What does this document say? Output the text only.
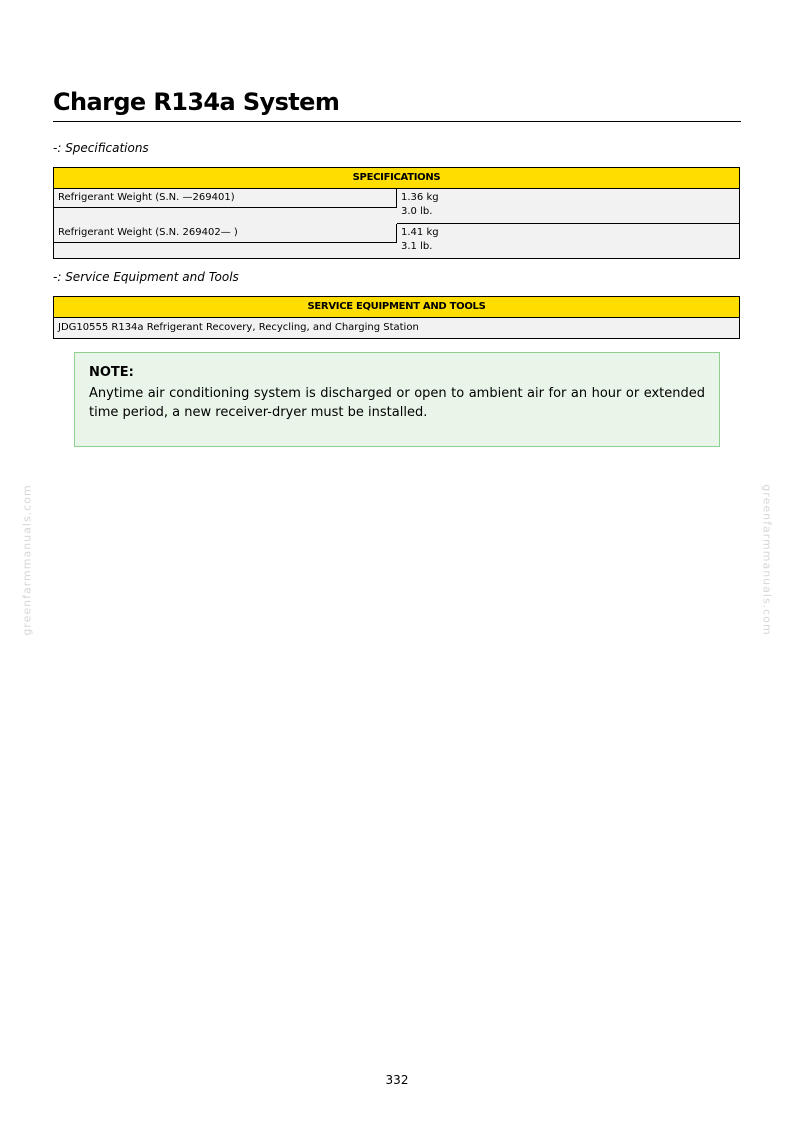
Charge R134a System
-: Specifications
SPECIFICATIONS
Refrigerant Weight (S.N. —269401)	1.36 kg
3.0 lb.
Refrigerant Weight (S.N. 269402— )	1.41 kg
3.1 lb.
-: Service Equipment and Tools
SERVICE EQUIPMENT AND TOOLS
JDG10555 R134a Refrigerant Recovery, Recycling, and Charging Station
NOTE:
Anytime air conditioning system is discharged or open to ambient air for an hour or extended time period, a new receiver-dryer must be installed.
greenfarmmanuals.com	greenfarmmanuals.com
332
